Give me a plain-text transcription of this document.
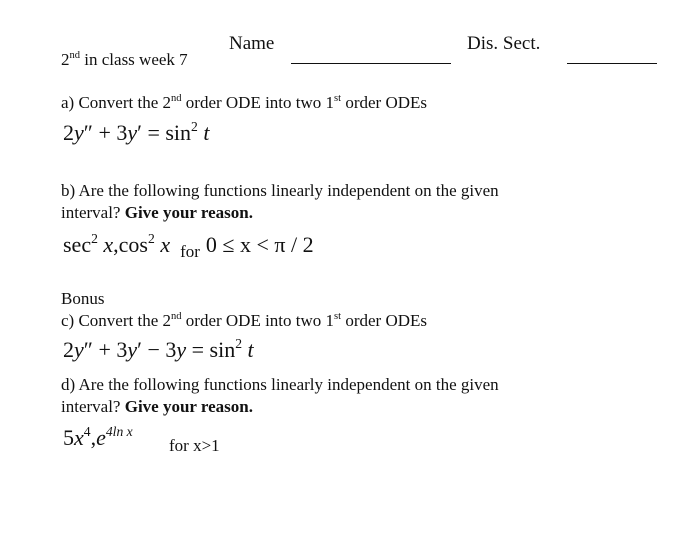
Name	Dis. Sect.
2nd in class week 7
a) Convert the 2nd order ODE into two 1st order ODEs
$2y'' + 3y' = \sin^2 t$
b) Are the following functions linearly independent on the given
interval? Give your reason.
$\sec^2 x,\cos^2$ x $_{for}$ 0 ≤ x < π / 2
Bonus
c) Convert the 2nd order ODE into two 1st order ODEs
$2y'' + 3y' - 3y = \sin^2 t$
d) Are the following functions linearly independent on the given
interval? Give your reason.
$5x^4,e^{4ln x}$
for x>1
